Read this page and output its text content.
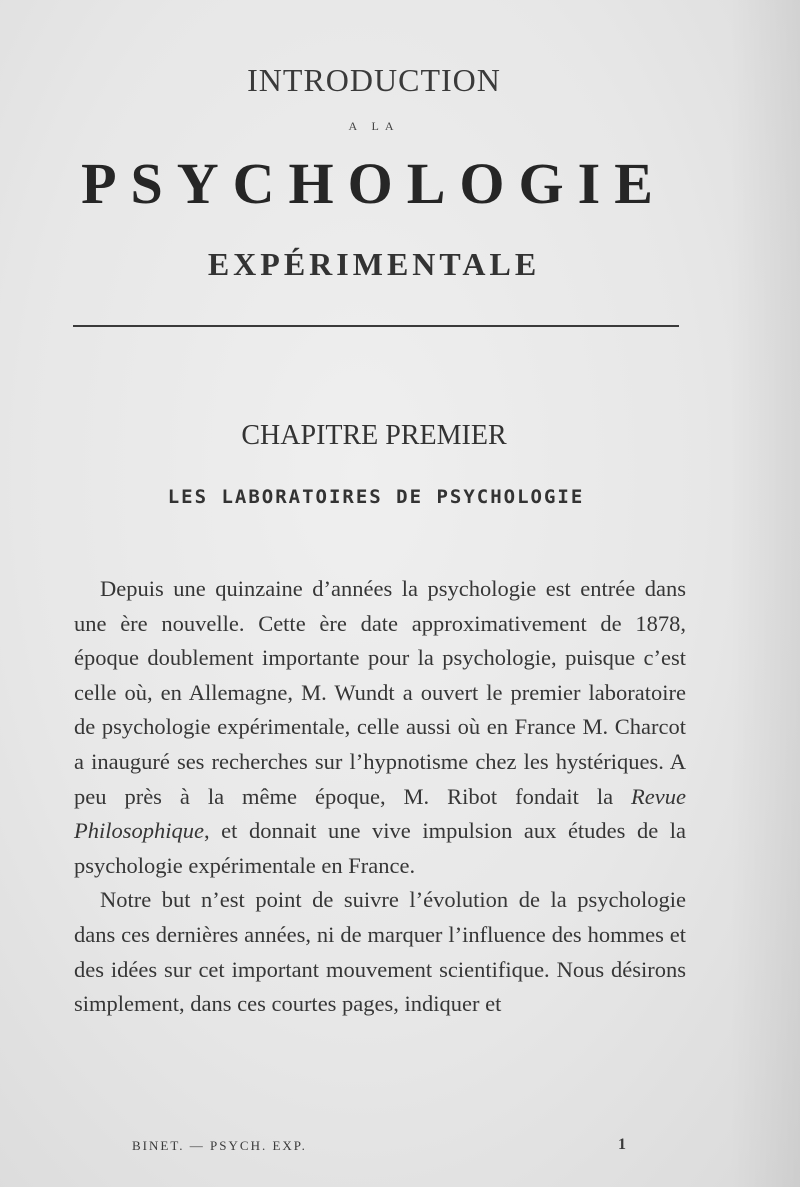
INTRODUCTION
A LA
PSYCHOLOGIE
EXPÉRIMENTALE
CHAPITRE PREMIER
LES LABORATOIRES DE PSYCHOLOGIE

Depuis une quinzaine d’années la psychologie est entrée dans une ère nouvelle. Cette ère date approximativement de 1878, époque doublement importante pour la psychologie, puisque c’est celle où, en Allemagne, M. Wundt a ouvert le premier laboratoire de psychologie expérimentale, celle aussi où en France M. Charcot a inauguré ses recherches sur l’hypnotisme chez les hystériques. A peu près à la même époque, M. Ribot fondait la Revue Philosophique, et donnait une vive impulsion aux études de la psychologie expérimentale en France.

Notre but n’est point de suivre l’évolution de la psychologie dans ces dernières années, ni de marquer l’influence des hommes et des idées sur cet important mouvement scientifique. Nous désirons simplement, dans ces courtes pages, indiquer et

BINET. — PSYCH. EXP.	1
